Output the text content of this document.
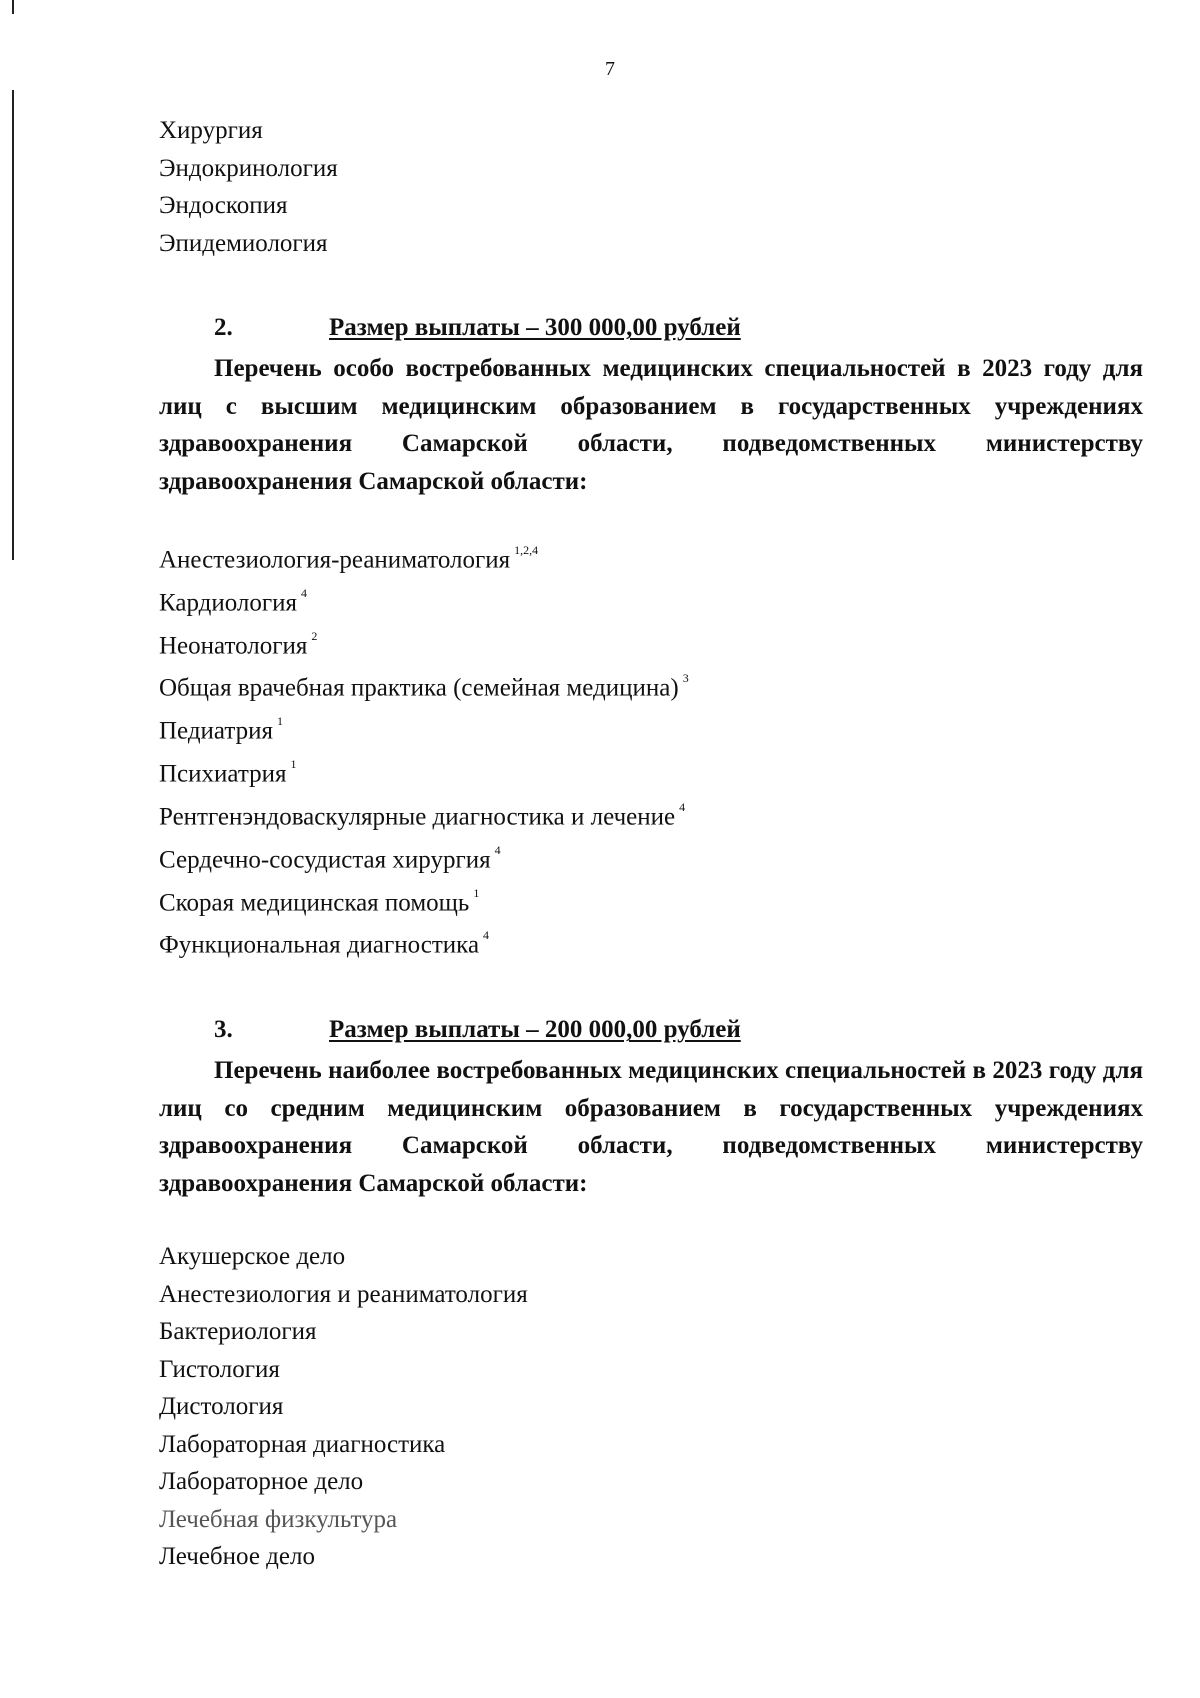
7
Хирургия
Эндокринология
Эндоскопия
Эпидемиология
2.	Размер выплаты – 300 000,00 рублей

Перечень особо востребованных медицинских специальностей в 2023 году для лиц с высшим медицинским образованием в государственных учреждениях здравоохранения Самарской области, подведомственных министерству здравоохранения Самарской области:

Анестезиология-реаниматология $^{1,2,4}$
Кардиология $^4$
Неонатология $^2$
Общая врачебная практика (семейная медицина) $^3$
Педиатрия $^1$
Психиатрия $^1$
Рентгенэндоваскулярные диагностика и лечение $^4$
Сердечно-сосудистая хирургия $^4$
Скорая медицинская помощь $^1$
Функциональная диагностика $^4$
3.	Размер выплаты – 200 000,00 рублей

Перечень наиболее востребованных медицинских специальностей в 2023 году для лиц со средним медицинским образованием в государственных учреждениях здравоохранения Самарской области, подведомственных министерству здравоохранения Самарской области:

Акушерское дело
Анестезиология и реаниматология
Бактериология
Гистология
Дистология
Лабораторная диагностика
Лабораторное дело
Лечебная физкультура
Лечебное дело
